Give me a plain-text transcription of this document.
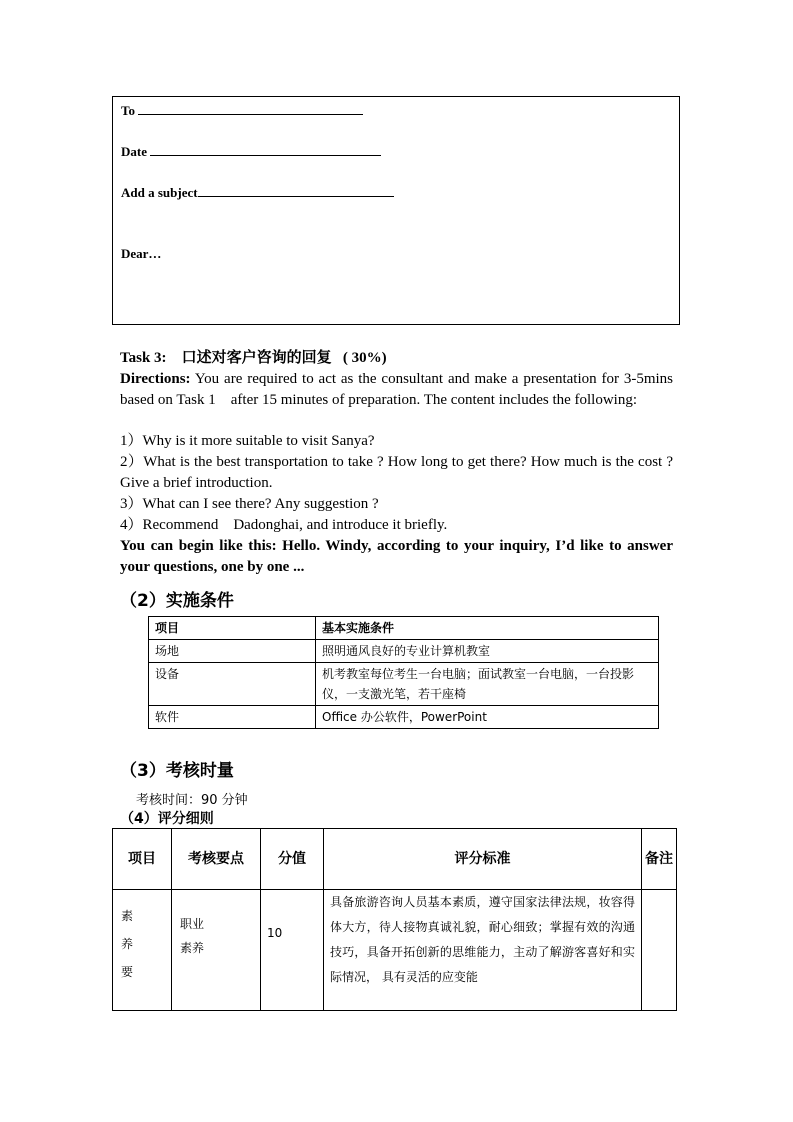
To
Date
Add a subject
Dear…
Task 3: 口述对客户咨询的回复 ( 30%)
Directions: You are required to act as the consultant and make a presentation for 3-5mins based on Task 1    after 15 minutes of preparation. The content includes the following:
1）Why is it more suitable to visit Sanya?
2）What is the best transportation to take ? How long to get there? How much is the cost ? Give a brief introduction.
3）What can I see there? Any suggestion ?
4）Recommend    Dadonghai, and introduce it briefly.
You can begin like this: Hello. Windy, according to your inquiry, I’d like to answer your questions, one by one ...
（2）实施条件
项目	基本实施条件
场地	照明通风良好的专业计算机教室
设备	机考教室每位考生一台电脑；面试教室一台电脑，一台投影仪，一支激光笔，若干座椅
软件	Office 办公软件，PowerPoint
（3）考核时量
考核时间：90 分钟
（4）评分细则
项目	考核要点	分值	评分标准	备注

素养要	职业素养	10	具备旅游咨询人员基本素质，遵守国家法律法规，妆容得体大方，待人接物真诚礼貌，耐心细致；掌握有效的沟通技巧，具备开拓创新的思维能力，主动了解游客喜好和实际情况， 具有灵活的应变能	
